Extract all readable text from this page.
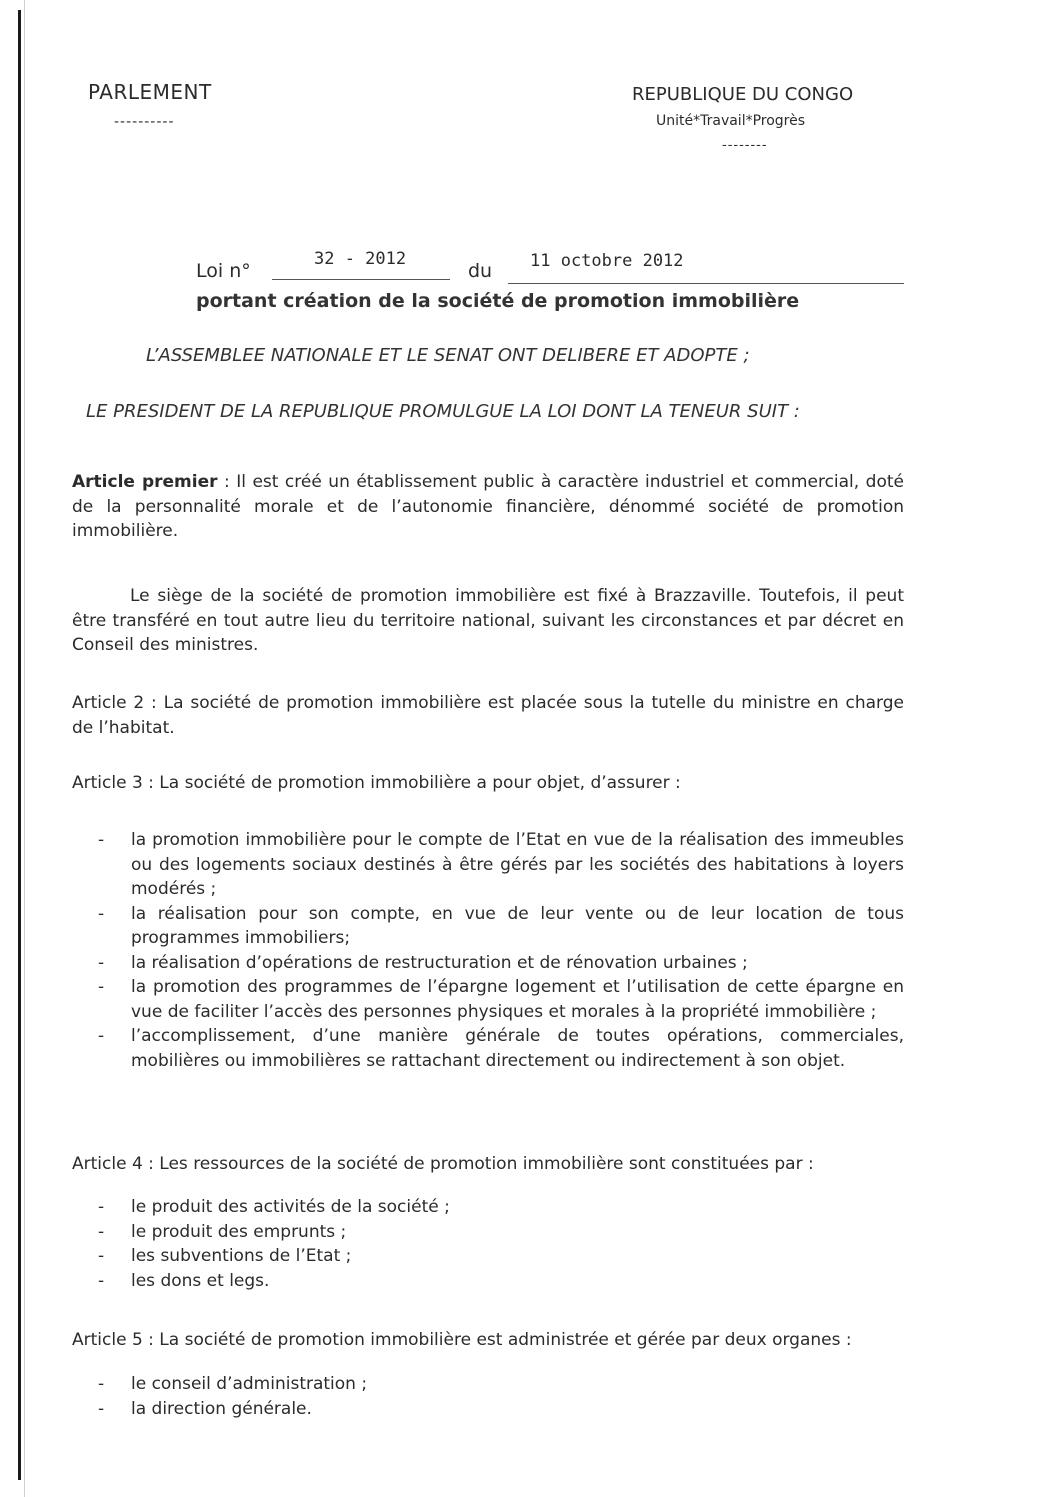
PARLEMENT
----------
REPUBLIQUE DU CONGO
Unité*Travail*Progrès
--------
Loi n°
32 - 2012
du 11 octobre 2012
portant création de la société de promotion immobilière
L’ASSEMBLEE NATIONALE ET LE SENAT ONT DELIBERE ET ADOPTE ;
LE PRESIDENT DE LA REPUBLIQUE PROMULGUE LA LOI DONT LA TENEUR SUIT :

Article premier : Il est créé un établissement public à caractère industriel et commercial, doté de la personnalité morale et de l’autonomie financière, dénommé société de promotion immobilière.

Le siège de la société de promotion immobilière est fixé à Brazzaville. Toutefois, il peut être transféré en tout autre lieu du territoire national, suivant les circonstances et par décret en Conseil des ministres.

Article 2 : La société de promotion immobilière est placée sous la tutelle du ministre en charge de l’habitat.

Article 3 : La société de promotion immobilière a pour objet, d’assurer :

- la promotion immobilière pour le compte de l’Etat en vue de la réalisation des immeubles ou des logements sociaux destinés à être gérés par les sociétés des habitations à loyers modérés ;
- la réalisation pour son compte, en vue de leur vente ou de leur location de tous programmes immobiliers;
- la réalisation d’opérations de restructuration et de rénovation urbaines ;
- la promotion des programmes de l’épargne logement et l’utilisation de cette épargne en vue de faciliter l’accès des personnes physiques et morales à la propriété immobilière ;
- l’accomplissement, d’une manière générale de toutes opérations, commerciales, mobilières ou immobilières se rattachant directement ou indirectement à son objet.

Article 4 : Les ressources de la société de promotion immobilière sont constituées par :

- le produit des activités de la société ;
- le produit des emprunts ;
- les subventions de l’Etat ;
- les dons et legs.

Article 5 : La société de promotion immobilière est administrée et gérée par deux organes :

- le conseil d’administration ;
- la direction générale.
